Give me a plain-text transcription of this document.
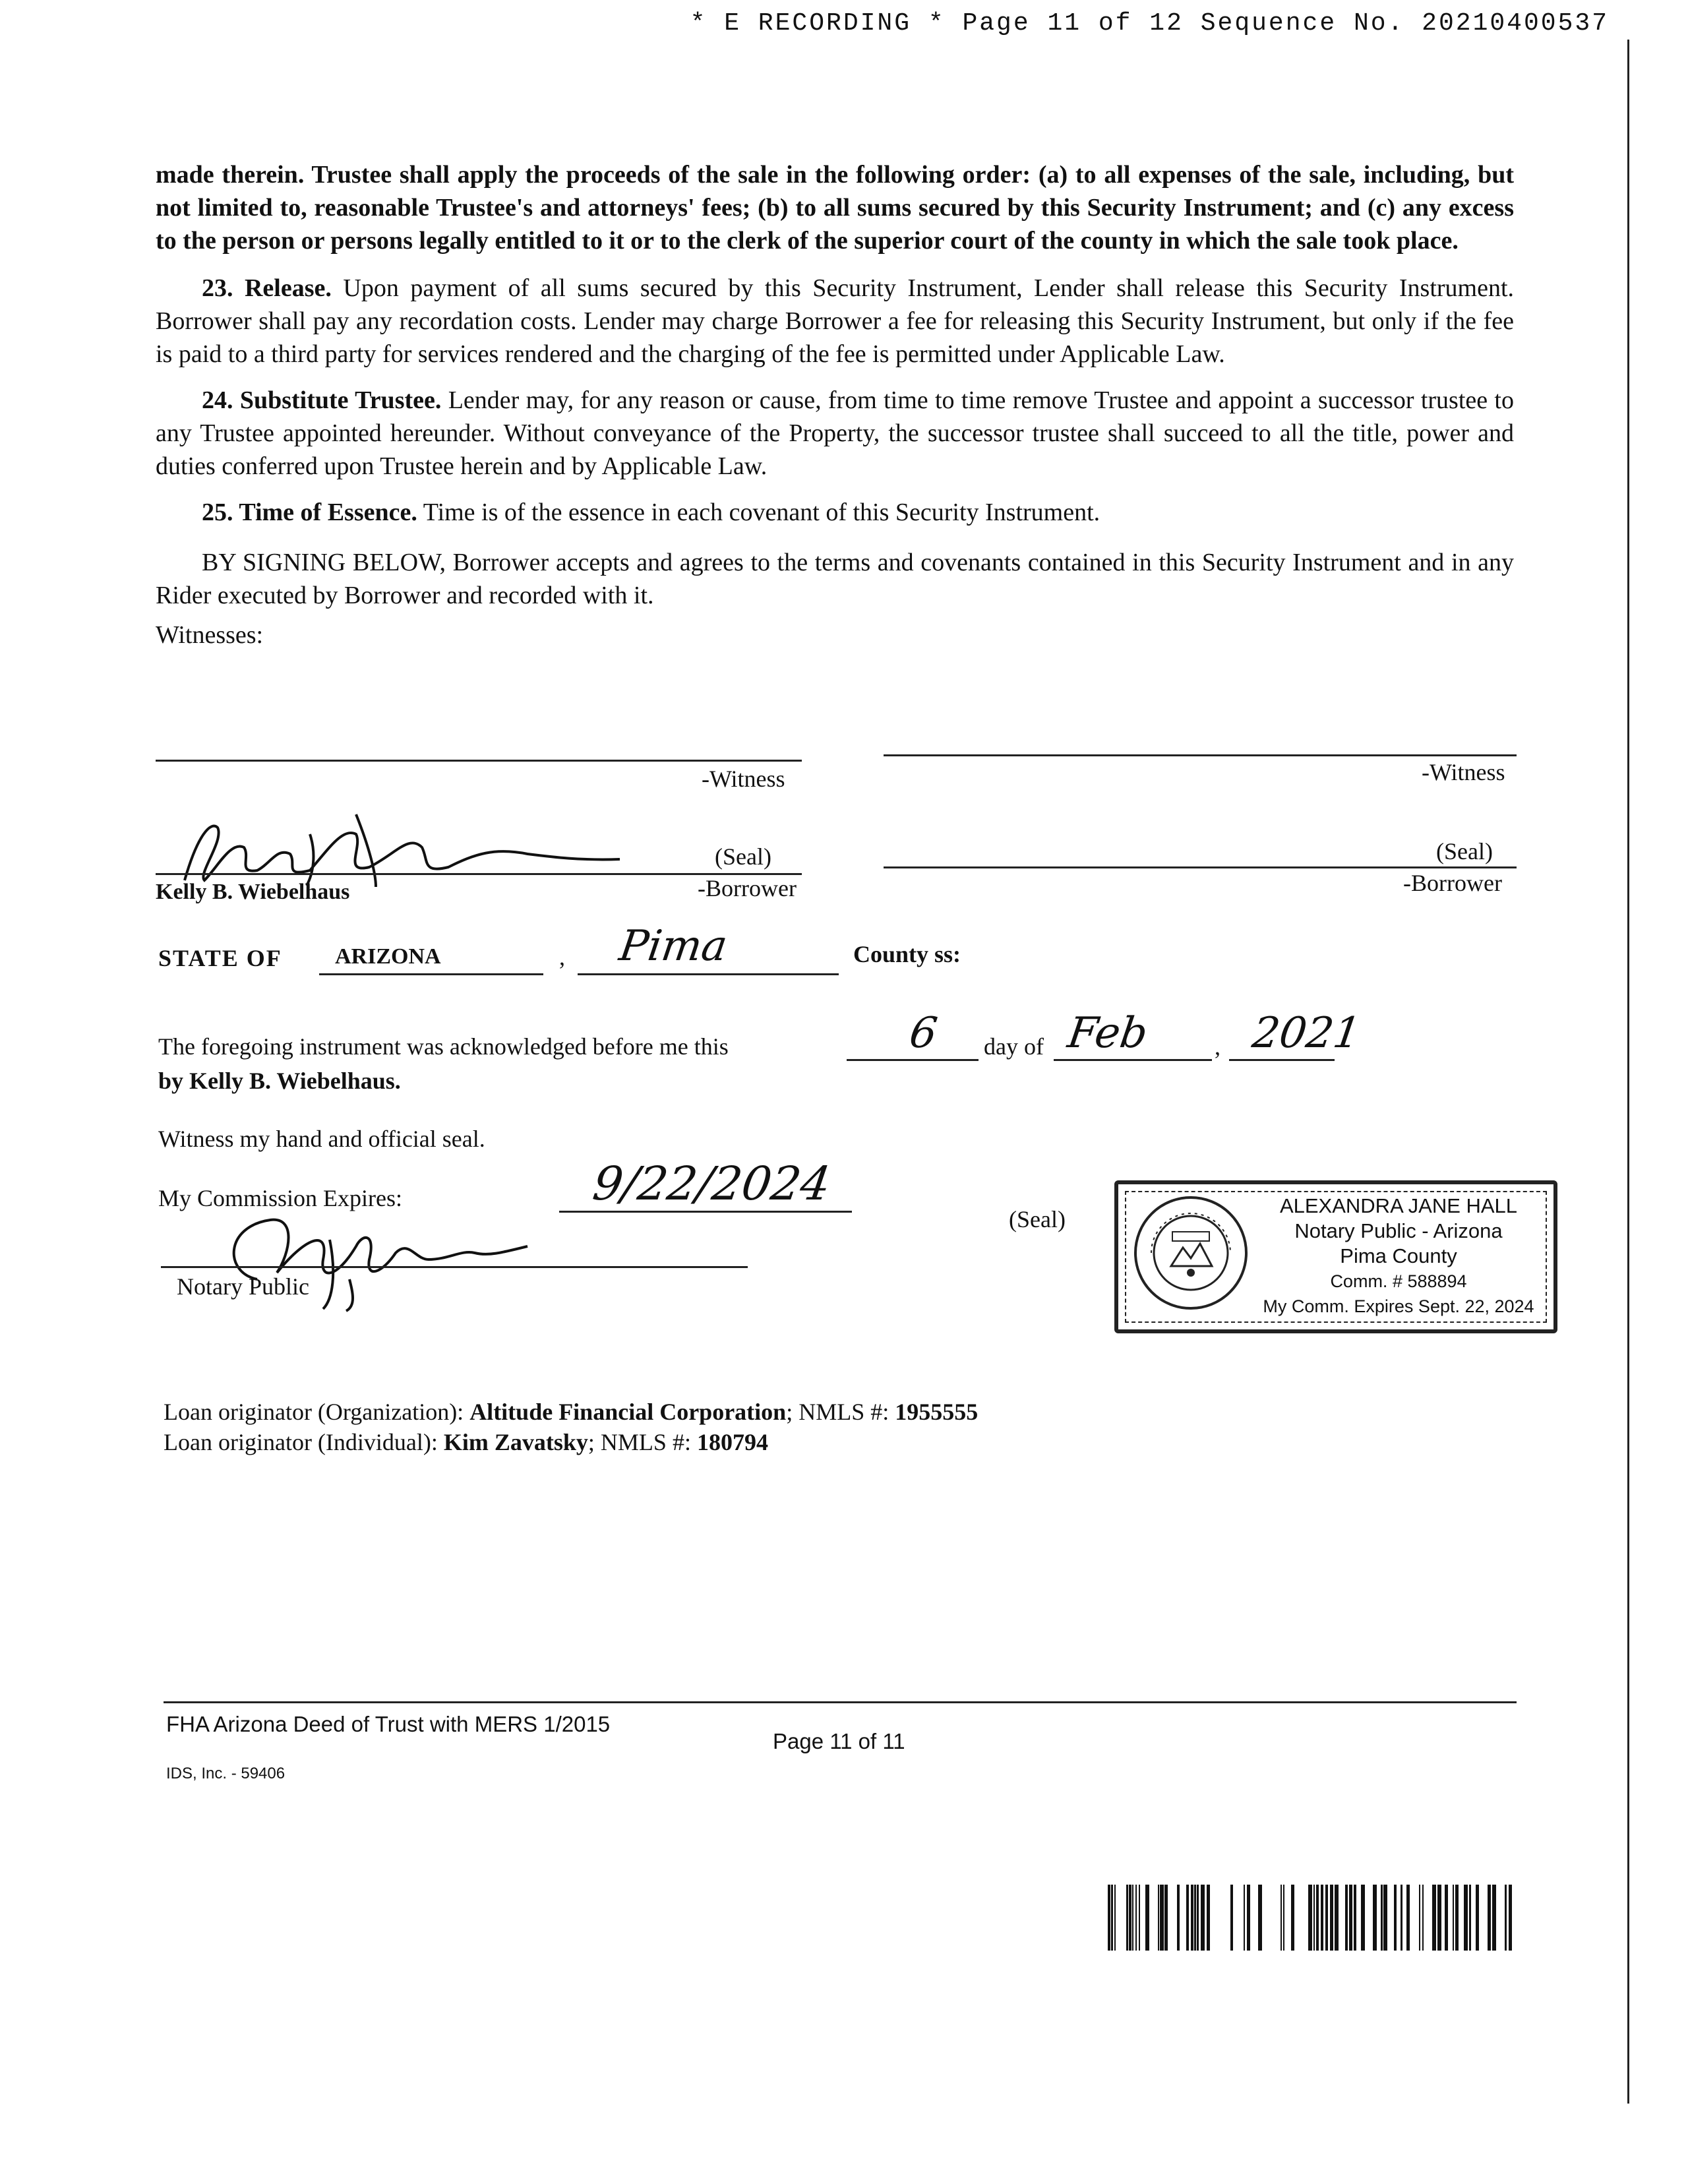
* E RECORDING * Page 11 of 12 Sequence No. 20210400537

made therein. Trustee shall apply the proceeds of the sale in the following order: (a) to all expenses of the sale, including, but not limited to, reasonable Trustee's and attorneys' fees; (b) to all sums secured by this Security Instrument; and (c) any excess to the person or persons legally entitled to it or to the clerk of the superior court of the county in which the sale took place.

23. Release. Upon payment of all sums secured by this Security Instrument, Lender shall release this Security Instrument. Borrower shall pay any recordation costs. Lender may charge Borrower a fee for releasing this Security Instrument, but only if the fee is paid to a third party for services rendered and the charging of the fee is permitted under Applicable Law.

24. Substitute Trustee. Lender may, for any reason or cause, from time to time remove Trustee and appoint a successor trustee to any Trustee appointed hereunder. Without conveyance of the Property, the successor trustee shall succeed to all the title, power and duties conferred upon Trustee herein and by Applicable Law.

25. Time of Essence. Time is of the essence in each covenant of this Security Instrument.

BY SIGNING BELOW, Borrower accepts and agrees to the terms and covenants contained in this Security Instrument and in any Rider executed by Borrower and recorded with it.

Witnesses:

-Witness	-Witness
(Seal)
-Borrower
Kelly B. Wiebelhaus
(Seal)
-Borrower
STATE OF ARIZONA	, Pima	County ss:
The foregoing instrument was acknowledged before me this	6 day of Feb	, 2021
by Kelly B. Wiebelhaus.
Witness my hand and official seal.
My Commission Expires:	9/22/2024
Notary Public
(Seal)
ALEXANDRA JANE HALL
Notary Public - Arizona
Pima County
Comm. # 588894
My Comm. Expires Sept. 22, 2024
Loan originator (Organization): Altitude Financial Corporation; NMLS #: 1955555
Loan originator (Individual): Kim Zavatsky; NMLS #: 180794
FHA Arizona Deed of Trust with MERS 1/2015
Page 11 of 11
IDS, Inc. - 59406
